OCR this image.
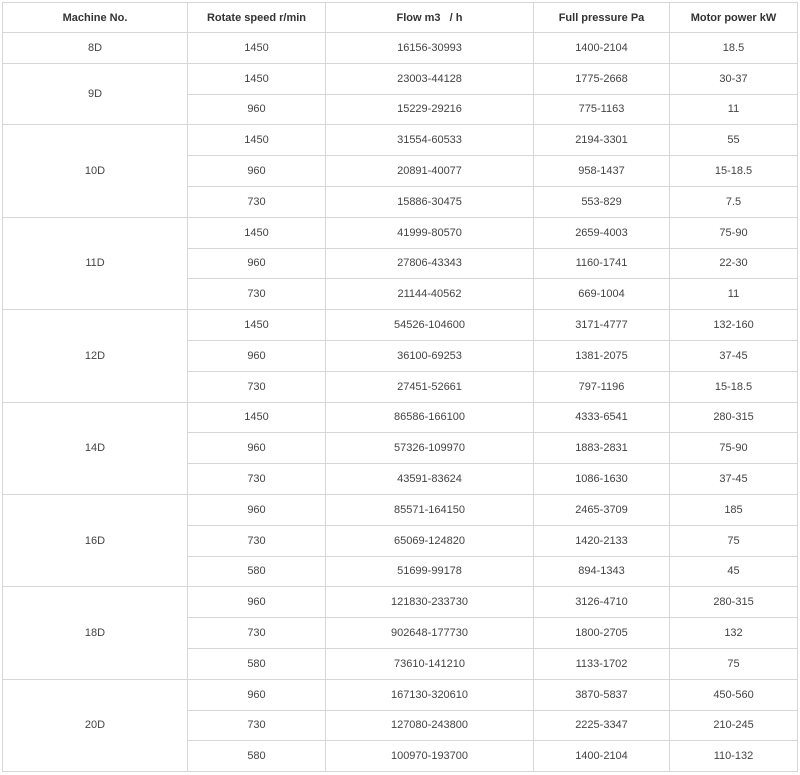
Machine No.	Rotate speed r/min	Flow m3   / h	Full pressure Pa	Motor power kW
8D	1450	16156-30993	1400-2104	18.5
9D	1450	23003-44128	1775-2668	30-37
	960	15229-29216	775-1163	11
10D	1450	31554-60533	2194-3301	55
	960	20891-40077	958-1437	15-18.5
	730	15886-30475	553-829	7.5
11D	1450	41999-80570	2659-4003	75-90
	960	27806-43343	1160-1741	22-30
	730	21144-40562	669-1004	11
12D	1450	54526-104600	3171-4777	132-160
	960	36100-69253	1381-2075	37-45
	730	27451-52661	797-1196	15-18.5
14D	1450	86586-166100	4333-6541	280-315
	960	57326-109970	1883-2831	75-90
	730	43591-83624	1086-1630	37-45
16D	960	85571-164150	2465-3709	185
	730	65069-124820	1420-2133	75
	580	51699-99178	894-1343	45
18D	960	121830-233730	3126-4710	280-315
	730	902648-177730	1800-2705	132
	580	73610-141210	1133-1702	75
20D	960	167130-320610	3870-5837	450-560
	730	127080-243800	2225-3347	210-245
	580	100970-193700	1400-2104	110-132
